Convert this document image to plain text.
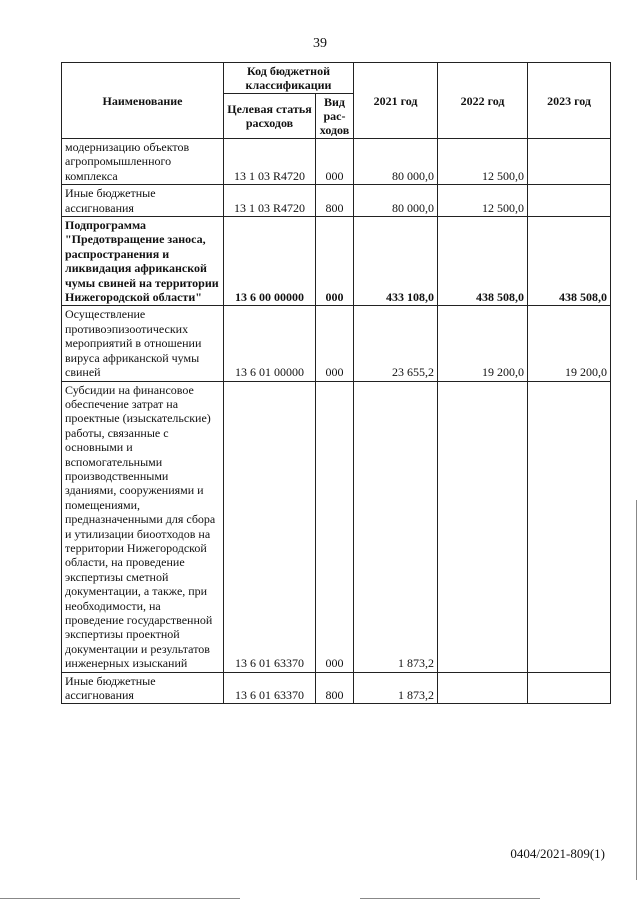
39
Наименование	Код бюджетной классификации		2021 год	2022 год	2023 год
	Целевая статья расходов	Вид рас-ходов			
модернизацию объектов агропромышленного комплекса	13 1 03 R4720	000	80 000,0	12 500,0	
Иные бюджетные ассигнования	13 1 03 R4720	800	80 000,0	12 500,0	
Подпрограмма "Предотвращение заноса, распространения и ликвидация африканской чумы свиней на территории Нижегородской области"	13 6 00 00000	000	433 108,0	438 508,0	438 508,0
Осуществление противоэпизоотических мероприятий в отношении вируса африканской чумы свиней	13 6 01 00000	000	23 655,2	19 200,0	19 200,0
Субсидии на финансовое обеспечение затрат на проектные (изыскательские) работы, связанные с основными и вспомогательными производственными зданиями, сооружениями и помещениями, предназначенными для сбора и утилизации биоотходов на территории Нижегородской области, на проведение экспертизы сметной документации, а также, при необходимости, на проведение государственной экспертизы проектной документации и результатов инженерных изысканий	13 6 01 63370	000	1 873,2		
Иные бюджетные ассигнования	13 6 01 63370	800	1 873,2		
0404/2021-809(1)
